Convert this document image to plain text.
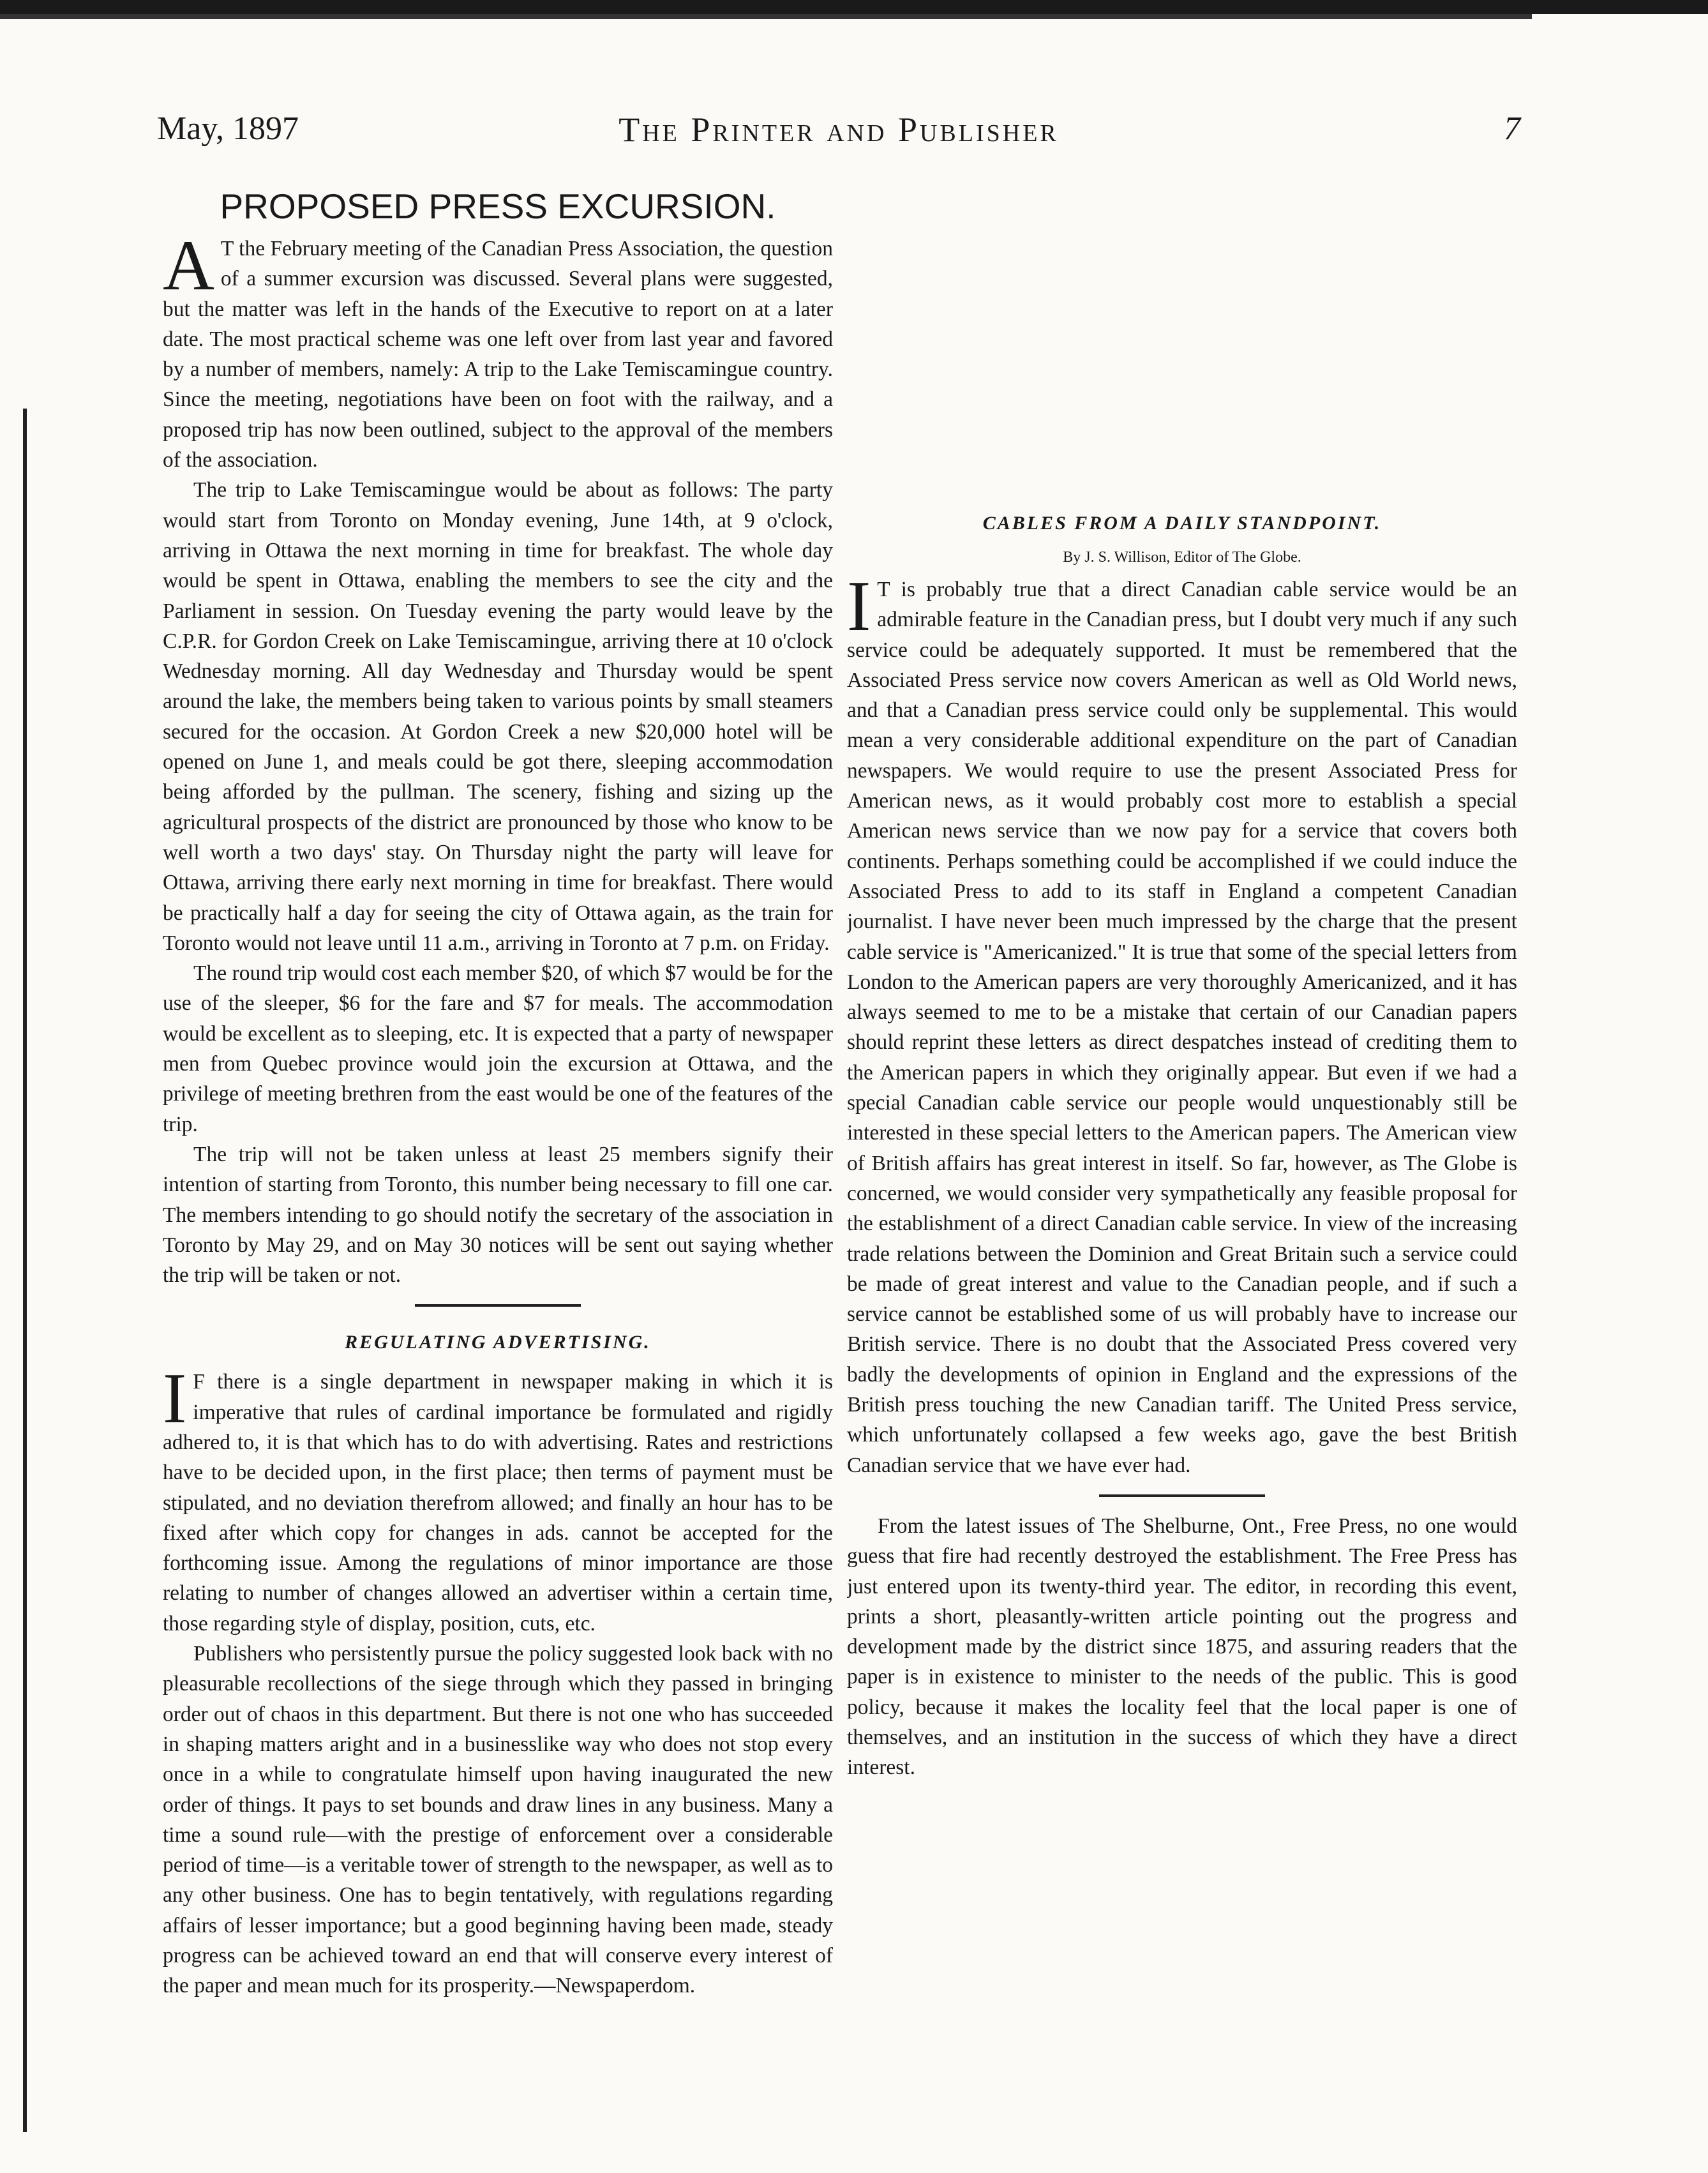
May, 1897	The Printer and Publisher	7
PROPOSED PRESS EXCURSION.

A T the February meeting of the Canadian Press Association, the question of a summer excursion was discussed. Several plans were suggested, but the matter was left in the hands of the Executive to report on at a later date. The most practical scheme was one left over from last year and favored by a number of members, namely: A trip to the Lake Temiscamingue country. Since the meeting, negotiations have been on foot with the railway, and a proposed trip has now been outlined, subject to the approval of the members of the association.

The trip to Lake Temiscamingue would be about as follows: The party would start from Toronto on Monday evening, June 14th, at 9 o'clock, arriving in Ottawa the next morning in time for breakfast. The whole day would be spent in Ottawa, enabling the members to see the city and the Parliament in session. On Tuesday evening the party would leave by the C.P.R. for Gordon Creek on Lake Temiscamingue, arriving there at 10 o'clock Wednesday morning. All day Wednesday and Thursday would be spent around the lake, the members being taken to various points by small steamers secured for the occasion. At Gordon Creek a new $20,000 hotel will be opened on June 1, and meals could be got there, sleeping accommodation being afforded by the pullman. The scenery, fishing and sizing up the agricultural prospects of the district are pronounced by those who know to be well worth a two days' stay. On Thursday night the party will leave for Ottawa, arriving there early next morning in time for breakfast. There would be practically half a day for seeing the city of Ottawa again, as the train for Toronto would not leave until 11 a.m., arriving in Toronto at 7 p.m. on Friday.

The round trip would cost each member $20, of which $7 would be for the use of the sleeper, $6 for the fare and $7 for meals. The accommodation would be excellent as to sleeping, etc. It is expected that a party of newspaper men from Quebec province would join the excursion at Ottawa, and the privilege of meeting brethren from the east would be one of the features of the trip.

The trip will not be taken unless at least 25 members signify their intention of starting from Toronto, this number being necessary to fill one car. The members intending to go should notify the secretary of the association in Toronto by May 29, and on May 30 notices will be sent out saying whether the trip will be taken or not.

REGULATING ADVERTISING.

I F there is a single department in newspaper making in which it is imperative that rules of cardinal importance be formulated and rigidly adhered to, it is that which has to do with advertising. Rates and restrictions have to be decided upon, in the first place; then terms of payment must be stipulated, and no deviation therefrom allowed; and finally an hour has to be fixed after which copy for changes in ads. cannot be accepted for the forthcoming issue. Among the regulations of minor importance are those relating to number of changes allowed an advertiser within a certain time, those regarding style of display, position, cuts, etc.

Publishers who persistently pursue the policy suggested look back with no pleasurable recollections of the siege through which they passed in bringing order out of chaos in this department. But there is not one who has succeeded in shaping matters aright and in a businesslike way who does not stop every once in a while to congratulate himself upon having inaugurated the new order of things. It pays to set bounds and draw lines in any business. Many a time a sound rule—with the prestige of enforcement over a considerable period of time—is a veritable tower of strength to the newspaper, as well as to any other business. One has to begin tentatively, with regulations regarding affairs of lesser importance; but a good beginning having been made, steady progress can be achieved toward an end that will conserve every interest of the paper and mean much for its prosperity.—Newspaperdom.

CABLES FROM A DAILY STANDPOINT.
By J. S. Willison, Editor of The Globe.

I T is probably true that a direct Canadian cable service would be an admirable feature in the Canadian press, but I doubt very much if any such service could be adequately supported. It must be remembered that the Associated Press service now covers American as well as Old World news, and that a Canadian press service could only be supplemental. This would mean a very considerable additional expenditure on the part of Canadian newspapers. We would require to use the present Associated Press for American news, as it would probably cost more to establish a special American news service than we now pay for a service that covers both continents. Perhaps something could be accomplished if we could induce the Associated Press to add to its staff in England a competent Canadian journalist. I have never been much impressed by the charge that the present cable service is "Americanized." It is true that some of the special letters from London to the American papers are very thoroughly Americanized, and it has always seemed to me to be a mistake that certain of our Canadian papers should reprint these letters as direct despatches instead of crediting them to the American papers in which they originally appear. But even if we had a special Canadian cable service our people would unquestionably still be interested in these special letters to the American papers. The American view of British affairs has great interest in itself. So far, however, as The Globe is concerned, we would consider very sympathetically any feasible proposal for the establishment of a direct Canadian cable service. In view of the increasing trade relations between the Dominion and Great Britain such a service could be made of great interest and value to the Canadian people, and if such a service cannot be established some of us will probably have to increase our British service. There is no doubt that the Associated Press covered very badly the developments of opinion in England and the expressions of the British press touching the new Canadian tariff. The United Press service, which unfortunately collapsed a few weeks ago, gave the best British Canadian service that we have ever had.

From the latest issues of The Shelburne, Ont., Free Press, no one would guess that fire had recently destroyed the establishment. The Free Press has just entered upon its twenty-third year. The editor, in recording this event, prints a short, pleasantly-written article pointing out the progress and development made by the district since 1875, and assuring readers that the paper is in existence to minister to the needs of the public. This is good policy, because it makes the locality feel that the local paper is one of themselves, and an institution in the success of which they have a direct interest.
